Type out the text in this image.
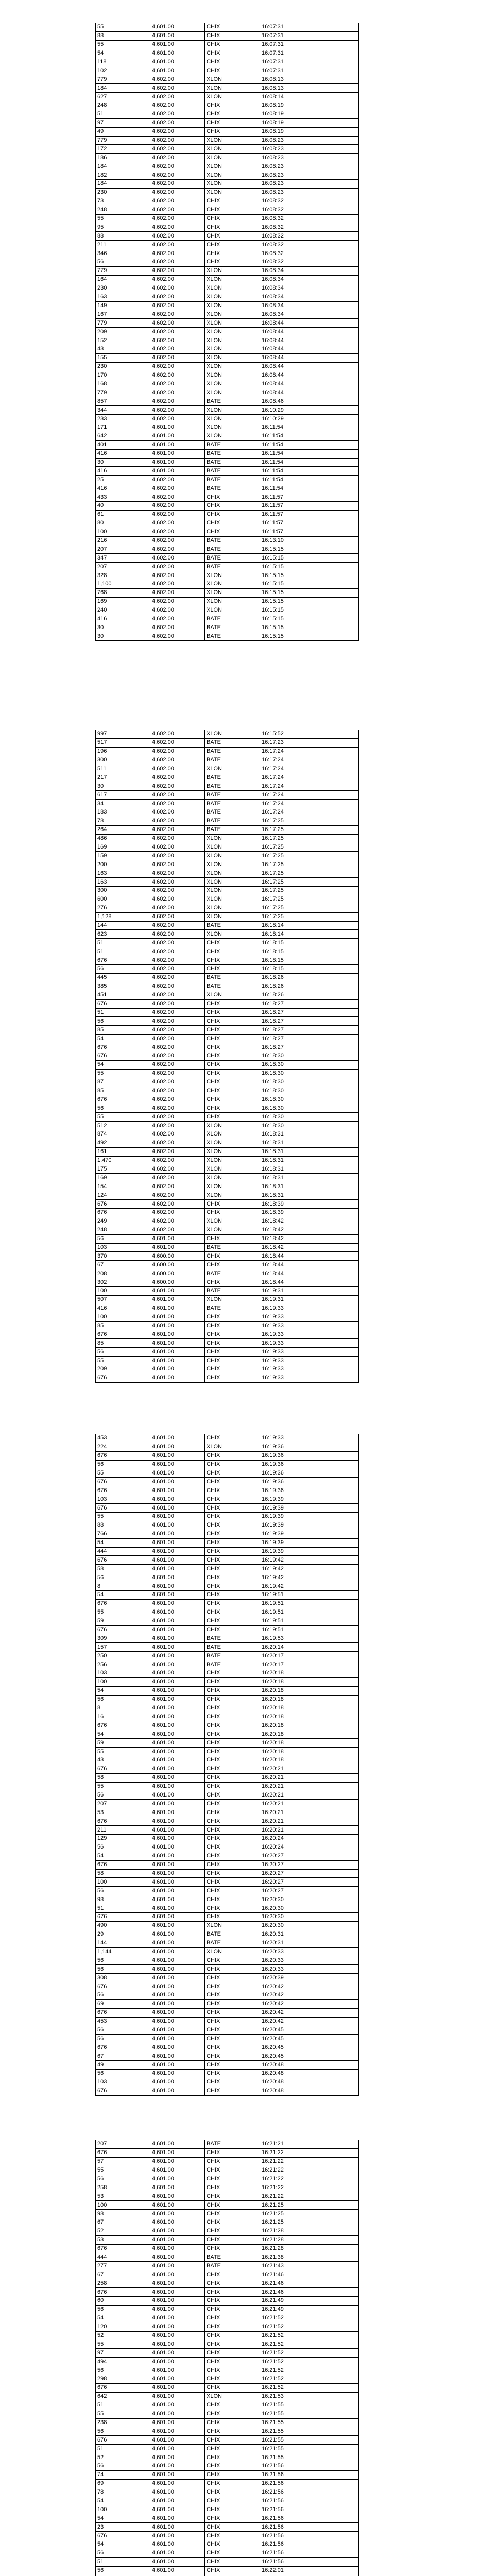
55	4,601.00	CHIX	16:07:31
88	4,601.00	CHIX	16:07:31
55	4,601.00	CHIX	16:07:31
54	4,601.00	CHIX	16:07:31
118	4,601.00	CHIX	16:07:31
102	4,601.00	CHIX	16:07:31
779	4,602.00	XLON	16:08:13
184	4,602.00	XLON	16:08:13
627	4,602.00	XLON	16:08:14
248	4,602.00	CHIX	16:08:19
51	4,602.00	CHIX	16:08:19
97	4,602.00	CHIX	16:08:19
49	4,602.00	CHIX	16:08:19
779	4,602.00	XLON	16:08:23
172	4,602.00	XLON	16:08:23
186	4,602.00	XLON	16:08:23
184	4,602.00	XLON	16:08:23
182	4,602.00	XLON	16:08:23
184	4,602.00	XLON	16:08:23
230	4,602.00	XLON	16:08:23
73	4,602.00	CHIX	16:08:32
248	4,602.00	CHIX	16:08:32
55	4,602.00	CHIX	16:08:32
95	4,602.00	CHIX	16:08:32
88	4,602.00	CHIX	16:08:32
211	4,602.00	CHIX	16:08:32
346	4,602.00	CHIX	16:08:32
56	4,602.00	CHIX	16:08:32
779	4,602.00	XLON	16:08:34
164	4,602.00	XLON	16:08:34
230	4,602.00	XLON	16:08:34
163	4,602.00	XLON	16:08:34
149	4,602.00	XLON	16:08:34
167	4,602.00	XLON	16:08:34
779	4,602.00	XLON	16:08:44
209	4,602.00	XLON	16:08:44
152	4,602.00	XLON	16:08:44
43	4,602.00	XLON	16:08:44
155	4,602.00	XLON	16:08:44
230	4,602.00	XLON	16:08:44
170	4,602.00	XLON	16:08:44
168	4,602.00	XLON	16:08:44
779	4,602.00	XLON	16:08:44
857	4,602.00	BATE	16:08:46
344	4,602.00	XLON	16:10:29
233	4,602.00	XLON	16:10:29
171	4,601.00	XLON	16:11:54
642	4,601.00	XLON	16:11:54
401	4,601.00	BATE	16:11:54
416	4,601.00	BATE	16:11:54
30	4,601.00	BATE	16:11:54
416	4,601.00	BATE	16:11:54
25	4,602.00	BATE	16:11:54
416	4,602.00	BATE	16:11:54
433	4,602.00	CHIX	16:11:57
40	4,602.00	CHIX	16:11:57
61	4,602.00	CHIX	16:11:57
80	4,602.00	CHIX	16:11:57
100	4,602.00	CHIX	16:11:57
216	4,602.00	BATE	16:13:10
207	4,602.00	BATE	16:15:15
347	4,602.00	BATE	16:15:15
207	4,602.00	BATE	16:15:15
328	4,602.00	XLON	16:15:15
1,100	4,602.00	XLON	16:15:15
768	4,602.00	XLON	16:15:15
169	4,602.00	XLON	16:15:15
240	4,602.00	XLON	16:15:15
416	4,602.00	BATE	16:15:15
30	4,602.00	BATE	16:15:15
30	4,602.00	BATE	16:15:15
997	4,602.00	XLON	16:15:52
517	4,602.00	BATE	16:17:23
196	4,602.00	BATE	16:17:24
300	4,602.00	BATE	16:17:24
511	4,602.00	XLON	16:17:24
217	4,602.00	BATE	16:17:24
30	4,602.00	BATE	16:17:24
617	4,602.00	BATE	16:17:24
34	4,602.00	BATE	16:17:24
183	4,602.00	BATE	16:17:24
78	4,602.00	BATE	16:17:25
264	4,602.00	BATE	16:17:25
486	4,602.00	XLON	16:17:25
169	4,602.00	XLON	16:17:25
159	4,602.00	XLON	16:17:25
200	4,602.00	XLON	16:17:25
163	4,602.00	XLON	16:17:25
163	4,602.00	XLON	16:17:25
300	4,602.00	XLON	16:17:25
600	4,602.00	XLON	16:17:25
276	4,602.00	XLON	16:17:25
1,128	4,602.00	XLON	16:17:25
144	4,602.00	BATE	16:18:14
623	4,602.00	XLON	16:18:14
51	4,602.00	CHIX	16:18:15
51	4,602.00	CHIX	16:18:15
676	4,602.00	CHIX	16:18:15
56	4,602.00	CHIX	16:18:15
445	4,602.00	BATE	16:18:26
385	4,602.00	BATE	16:18:26
451	4,602.00	XLON	16:18:26
676	4,602.00	CHIX	16:18:27
51	4,602.00	CHIX	16:18:27
56	4,602.00	CHIX	16:18:27
85	4,602.00	CHIX	16:18:27
54	4,602.00	CHIX	16:18:27
676	4,602.00	CHIX	16:18:27
676	4,602.00	CHIX	16:18:30
54	4,602.00	CHIX	16:18:30
55	4,602.00	CHIX	16:18:30
87	4,602.00	CHIX	16:18:30
85	4,602.00	CHIX	16:18:30
676	4,602.00	CHIX	16:18:30
56	4,602.00	CHIX	16:18:30
55	4,602.00	CHIX	16:18:30
512	4,602.00	XLON	16:18:30
874	4,602.00	XLON	16:18:31
492	4,602.00	XLON	16:18:31
161	4,602.00	XLON	16:18:31
1,470	4,602.00	XLON	16:18:31
175	4,602.00	XLON	16:18:31
169	4,602.00	XLON	16:18:31
154	4,602.00	XLON	16:18:31
124	4,602.00	XLON	16:18:31
676	4,602.00	CHIX	16:18:39
676	4,602.00	CHIX	16:18:39
249	4,602.00	XLON	16:18:42
248	4,602.00	XLON	16:18:42
56	4,601.00	CHIX	16:18:42
103	4,601.00	BATE	16:18:42
370	4,600.00	CHIX	16:18:44
67	4,600.00	CHIX	16:18:44
208	4,600.00	BATE	16:18:44
302	4,600.00	CHIX	16:18:44
100	4,601.00	BATE	16:19:31
507	4,601.00	XLON	16:19:31
416	4,601.00	BATE	16:19:33
100	4,601.00	CHIX	16:19:33
85	4,601.00	CHIX	16:19:33
676	4,601.00	CHIX	16:19:33
85	4,601.00	CHIX	16:19:33
56	4,601.00	CHIX	16:19:33
55	4,601.00	CHIX	16:19:33
209	4,601.00	CHIX	16:19:33
676	4,601.00	CHIX	16:19:33
453	4,601.00	CHIX	16:19:33
224	4,601.00	XLON	16:19:36
676	4,601.00	CHIX	16:19:36
56	4,601.00	CHIX	16:19:36
55	4,601.00	CHIX	16:19:36
676	4,601.00	CHIX	16:19:36
676	4,601.00	CHIX	16:19:36
103	4,601.00	CHIX	16:19:39
676	4,601.00	CHIX	16:19:39
55	4,601.00	CHIX	16:19:39
88	4,601.00	CHIX	16:19:39
766	4,601.00	CHIX	16:19:39
54	4,601.00	CHIX	16:19:39
444	4,601.00	CHIX	16:19:39
676	4,601.00	CHIX	16:19:42
58	4,601.00	CHIX	16:19:42
56	4,601.00	CHIX	16:19:42
8	4,601.00	CHIX	16:19:42
54	4,601.00	CHIX	16:19:51
676	4,601.00	CHIX	16:19:51
55	4,601.00	CHIX	16:19:51
59	4,601.00	CHIX	16:19:51
676	4,601.00	CHIX	16:19:51
309	4,601.00	BATE	16:19:53
157	4,601.00	BATE	16:20:14
250	4,601.00	BATE	16:20:17
256	4,601.00	BATE	16:20:17
103	4,601.00	CHIX	16:20:18
100	4,601.00	CHIX	16:20:18
54	4,601.00	CHIX	16:20:18
56	4,601.00	CHIX	16:20:18
8	4,601.00	CHIX	16:20:18
16	4,601.00	CHIX	16:20:18
676	4,601.00	CHIX	16:20:18
54	4,601.00	CHIX	16:20:18
59	4,601.00	CHIX	16:20:18
55	4,601.00	CHIX	16:20:18
43	4,601.00	CHIX	16:20:18
676	4,601.00	CHIX	16:20:21
58	4,601.00	CHIX	16:20:21
55	4,601.00	CHIX	16:20:21
56	4,601.00	CHIX	16:20:21
207	4,601.00	CHIX	16:20:21
53	4,601.00	CHIX	16:20:21
676	4,601.00	CHIX	16:20:21
211	4,601.00	CHIX	16:20:21
129	4,601.00	CHIX	16:20:24
56	4,601.00	CHIX	16:20:24
54	4,601.00	CHIX	16:20:27
676	4,601.00	CHIX	16:20:27
58	4,601.00	CHIX	16:20:27
100	4,601.00	CHIX	16:20:27
56	4,601.00	CHIX	16:20:27
98	4,601.00	CHIX	16:20:30
51	4,601.00	CHIX	16:20:30
676	4,601.00	CHIX	16:20:30
490	4,601.00	XLON	16:20:30
29	4,601.00	BATE	16:20:31
144	4,601.00	BATE	16:20:31
1,144	4,601.00	XLON	16:20:33
56	4,601.00	CHIX	16:20:33
56	4,601.00	CHIX	16:20:33
308	4,601.00	CHIX	16:20:39
676	4,601.00	CHIX	16:20:42
56	4,601.00	CHIX	16:20:42
69	4,601.00	CHIX	16:20:42
676	4,601.00	CHIX	16:20:42
453	4,601.00	CHIX	16:20:42
56	4,601.00	CHIX	16:20:45
56	4,601.00	CHIX	16:20:45
676	4,601.00	CHIX	16:20:45
67	4,601.00	CHIX	16:20:45
49	4,601.00	CHIX	16:20:48
56	4,601.00	CHIX	16:20:48
103	4,601.00	CHIX	16:20:48
676	4,601.00	CHIX	16:20:48
207	4,601.00	BATE	16:21:21
676	4,601.00	CHIX	16:21:22
57	4,601.00	CHIX	16:21:22
55	4,601.00	CHIX	16:21:22
56	4,601.00	CHIX	16:21:22
258	4,601.00	CHIX	16:21:22
53	4,601.00	CHIX	16:21:22
100	4,601.00	CHIX	16:21:25
98	4,601.00	CHIX	16:21:25
67	4,601.00	CHIX	16:21:25
52	4,601.00	CHIX	16:21:28
53	4,601.00	CHIX	16:21:28
676	4,601.00	CHIX	16:21:28
444	4,601.00	BATE	16:21:38
277	4,601.00	BATE	16:21:43
67	4,601.00	CHIX	16:21:46
258	4,601.00	CHIX	16:21:46
676	4,601.00	CHIX	16:21:46
60	4,601.00	CHIX	16:21:49
56	4,601.00	CHIX	16:21:49
54	4,601.00	CHIX	16:21:52
120	4,601.00	CHIX	16:21:52
52	4,601.00	CHIX	16:21:52
55	4,601.00	CHIX	16:21:52
97	4,601.00	CHIX	16:21:52
494	4,601.00	CHIX	16:21:52
56	4,601.00	CHIX	16:21:52
298	4,601.00	CHIX	16:21:52
676	4,601.00	CHIX	16:21:52
642	4,601.00	XLON	16:21:53
51	4,601.00	CHIX	16:21:55
55	4,601.00	CHIX	16:21:55
238	4,601.00	CHIX	16:21:55
56	4,601.00	CHIX	16:21:55
676	4,601.00	CHIX	16:21:55
51	4,601.00	CHIX	16:21:55
52	4,601.00	CHIX	16:21:55
56	4,601.00	CHIX	16:21:56
74	4,601.00	CHIX	16:21:56
69	4,601.00	CHIX	16:21:56
78	4,601.00	CHIX	16:21:56
54	4,601.00	CHIX	16:21:56
100	4,601.00	CHIX	16:21:56
54	4,601.00	CHIX	16:21:56
23	4,601.00	CHIX	16:21:56
676	4,601.00	CHIX	16:21:56
54	4,601.00	CHIX	16:21:56
56	4,601.00	CHIX	16:21:56
51	4,601.00	CHIX	16:21:56
56	4,601.00	CHIX	16:22:01
